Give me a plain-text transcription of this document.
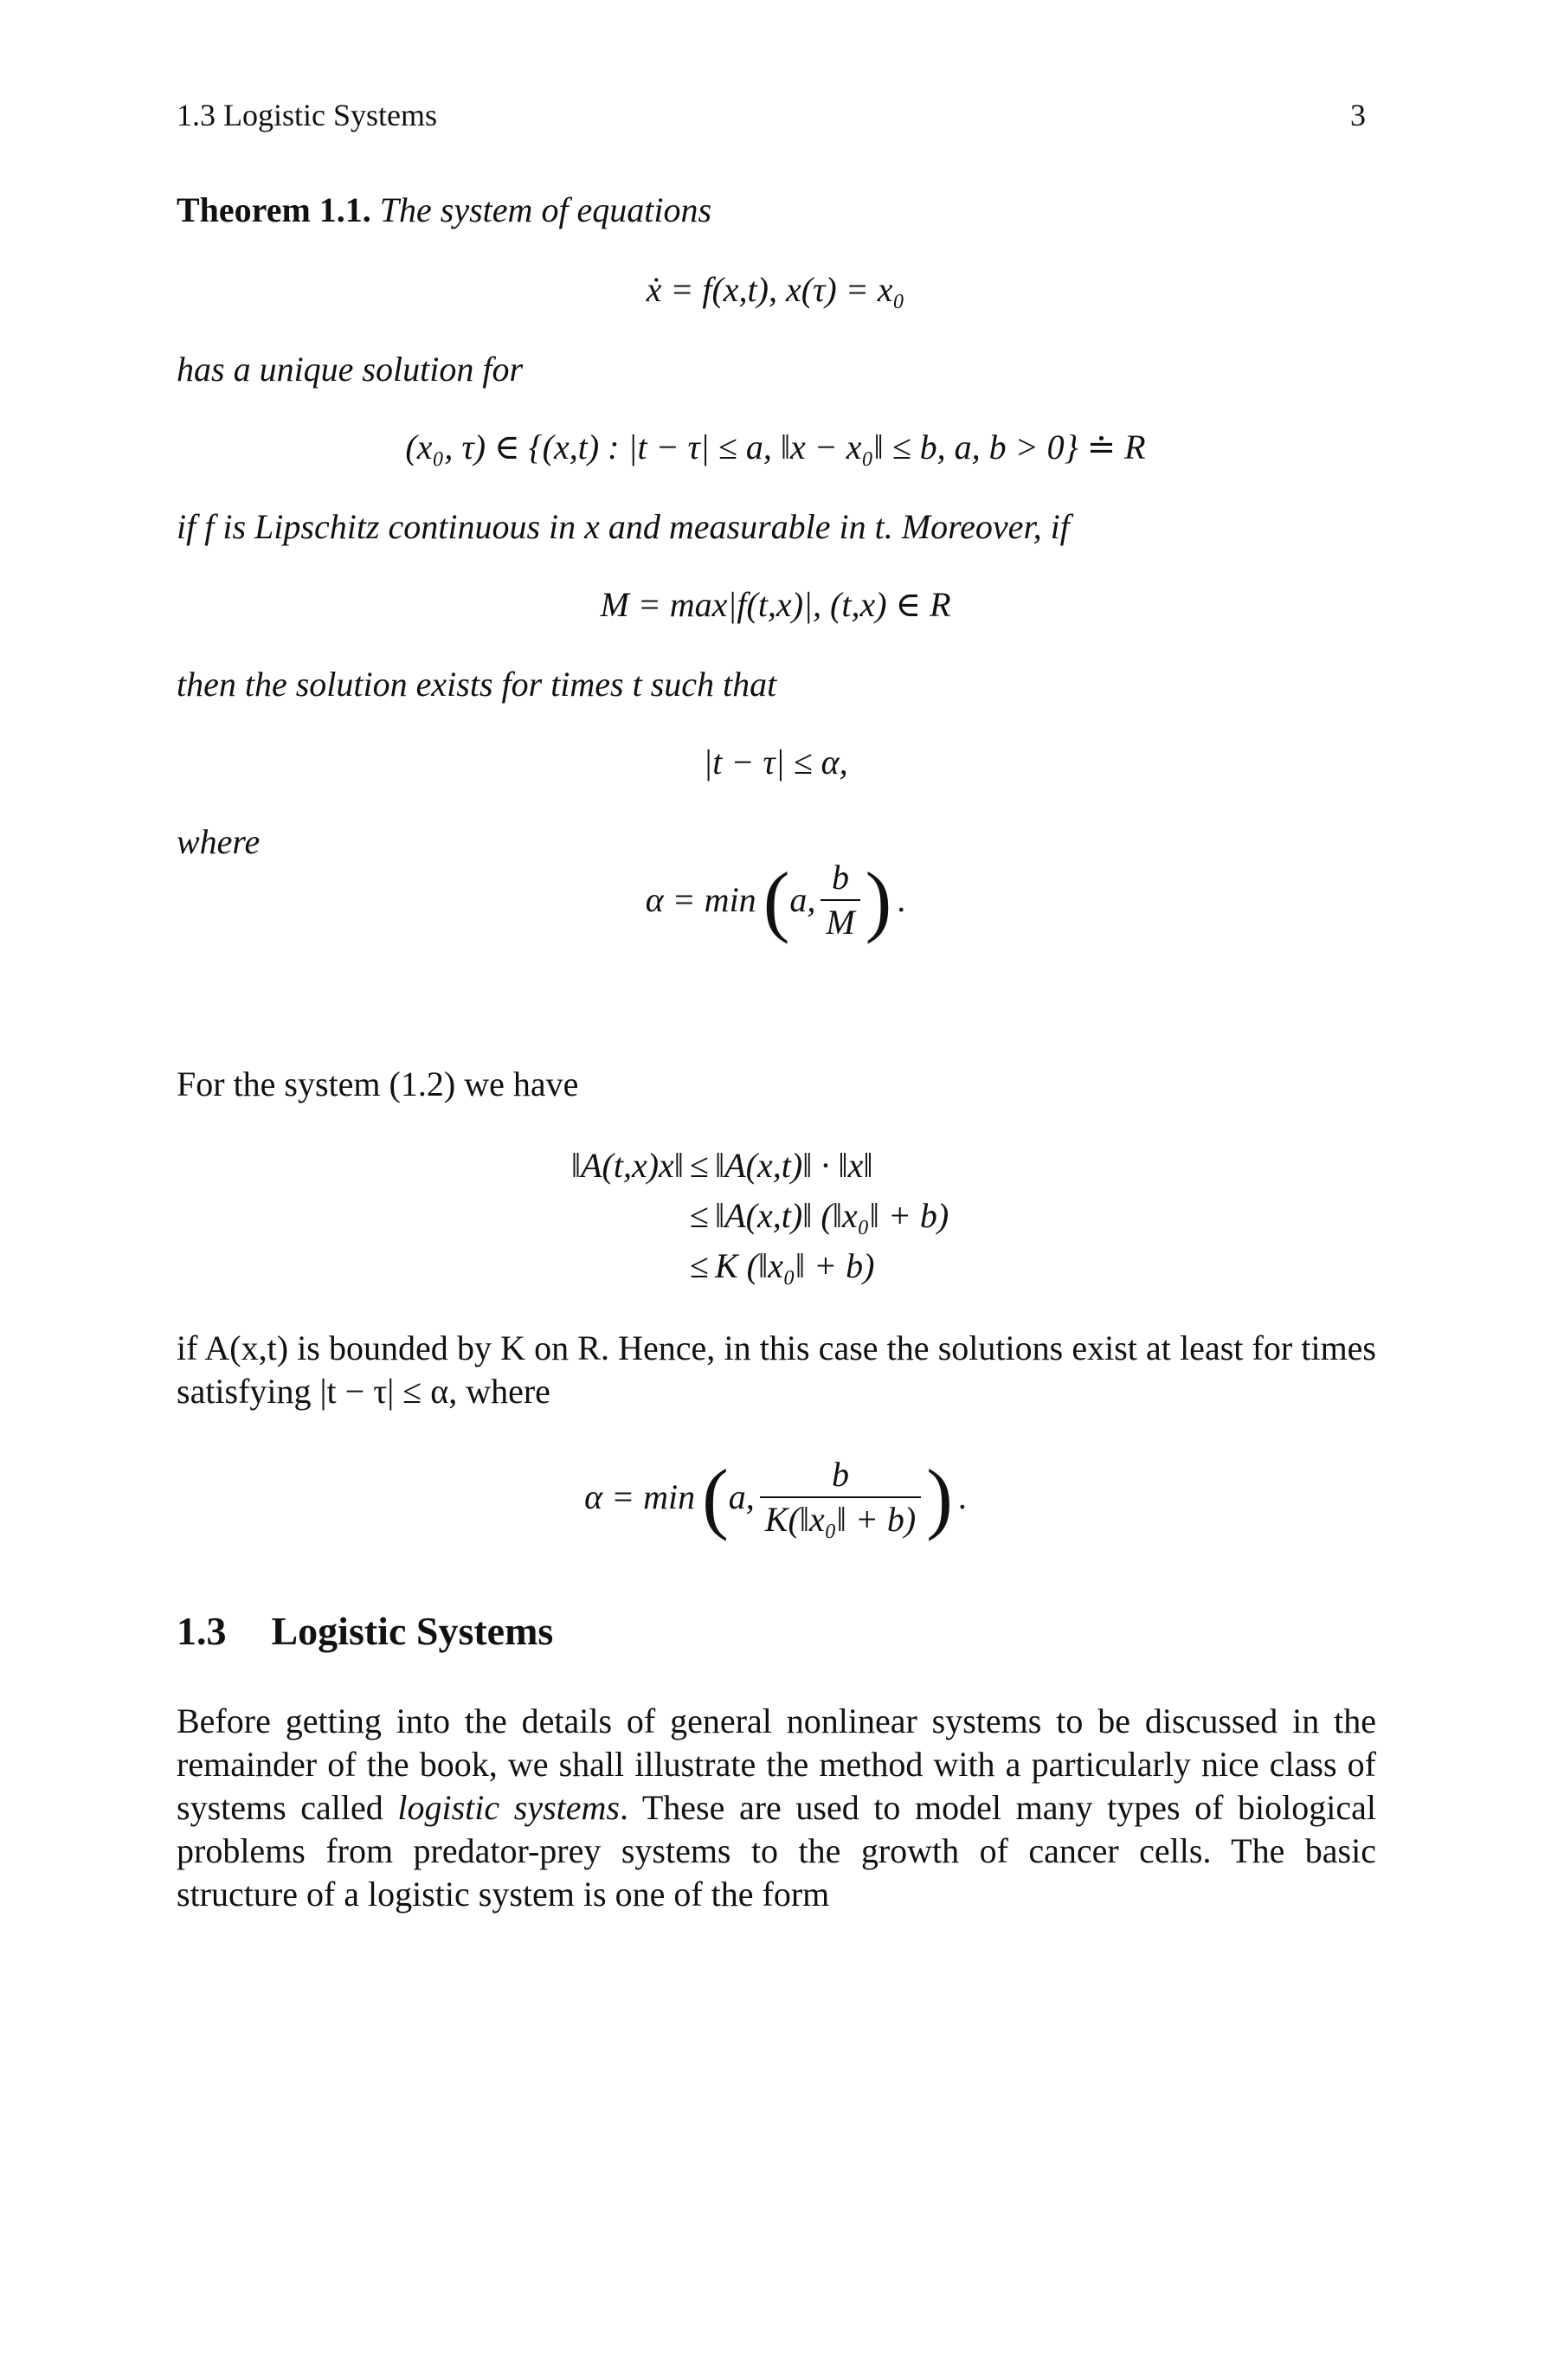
1.3 Logistic Systems	3
Theorem 1.1. The system of equations
ẋ = f(x,t), x(τ) = x₀
has a unique solution for
(x₀, τ) ∈ {(x,t) : |t − τ| ≤ a, ‖x − x₀‖ ≤ b, a, b > 0} ≐ R
if f is Lipschitz continuous in x and measurable in t. Moreover, if
M = max|f(t,x)|, (t,x) ∈ R
then the solution exists for times t such that
|t − τ| ≤ α,
where
α = min ( a, $\frac{b}{M}$ ) .
For the system (1.2) we have
‖A(t,x)x‖ ≤ ‖A(x,t)‖ · ‖x‖
≤ ‖A(x,t)‖ (‖x₀‖ + b)
≤ K (‖x₀‖ + b)
if A(x,t) is bounded by K on R. Hence, in this case the solutions exist at least for times satisfying |t − τ| ≤ α, where
α = min ( a, $\frac{b}{\text{K(‖x₀‖ + b)}}$ ) .
1.3 Logistic Systems
Before getting into the details of general nonlinear systems to be discussed in the remainder of the book, we shall illustrate the method with a particularly nice class of systems called logistic systems. These are used to model many types of biological problems from predator-prey systems to the growth of cancer cells. The basic structure of a logistic system is one of the form
